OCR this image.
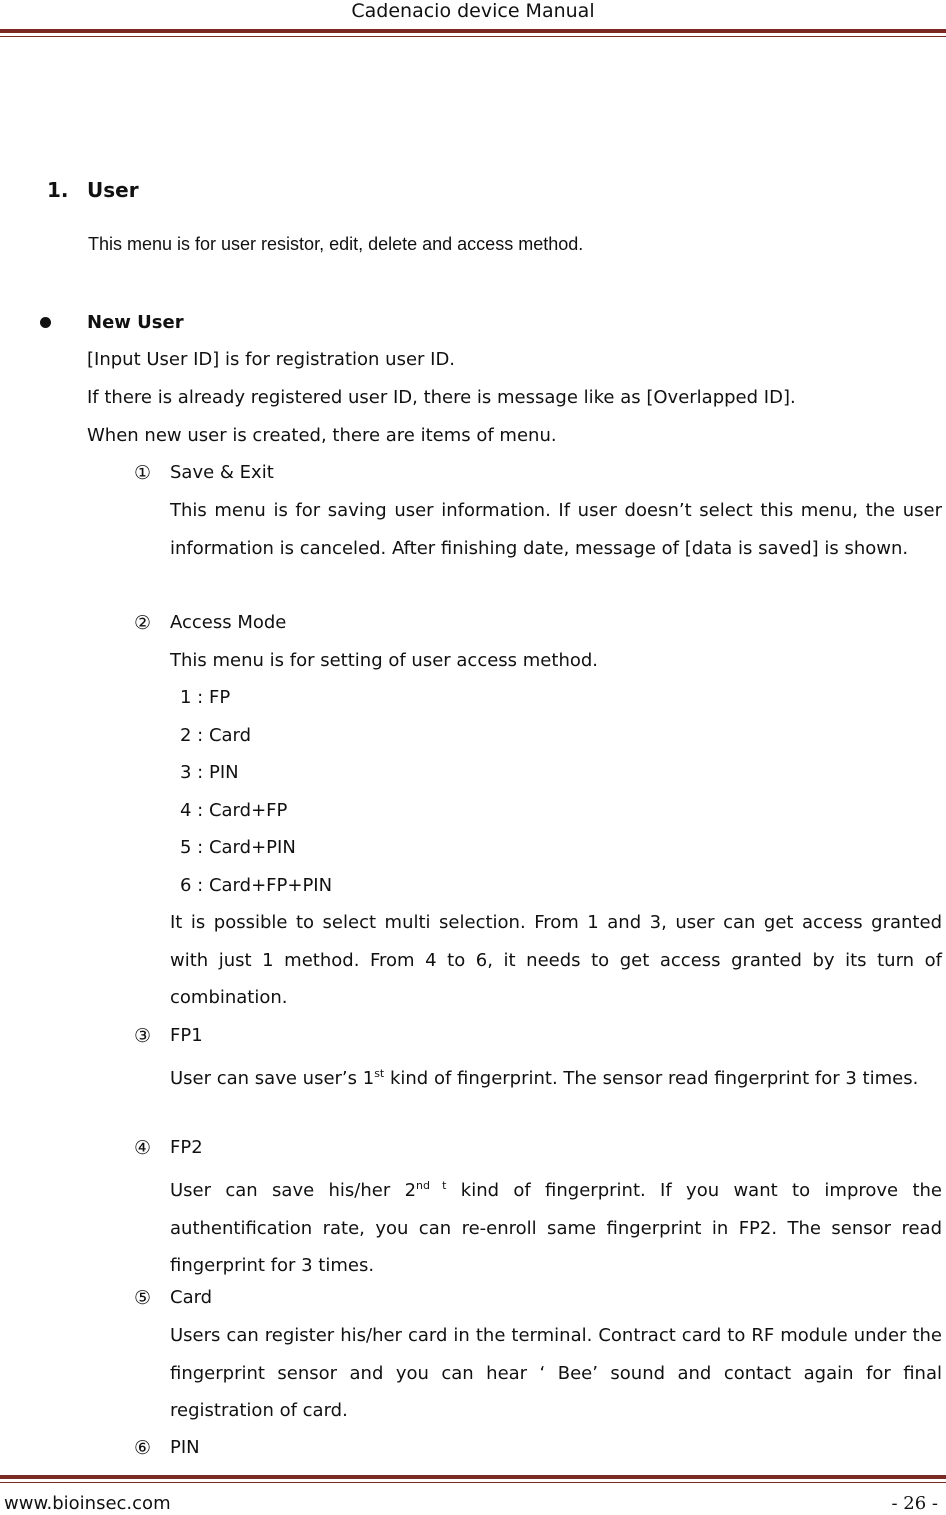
Cadenacio device Manual
1. User
This menu is for user resistor, edit, delete and access method.
New User
[Input User ID] is for registration user ID.
If there is already registered user ID, there is message like as [Overlapped ID].
When new user is created, there are items of menu.
① Save & Exit
This menu is for saving user information. If user doesn’t select this menu, the user information is canceled. After finishing date, message of [data is saved] is shown.
② Access Mode
This menu is for setting of user access method.
1 : FP
2 : Card
3 : PIN
4 : Card+FP
5 : Card+PIN
6 : Card+FP+PIN
It is possible to select multi selection. From 1 and 3, user can get access granted with just 1 method. From 4 to 6, it needs to get access granted by its turn of combination.
③ FP1
User can save user’s 1st kind of fingerprint. The sensor read fingerprint for 3 times.
④ FP2
User can save his/her $2^{nd t}$ kind of fingerprint. If you want to improve the authentification rate, you can re-enroll same fingerprint in FP2. The sensor read fingerprint for 3 times.
⑤ Card
Users can register his/her card in the terminal. Contract card to RF module under the fingerprint sensor and you can hear ‘ Bee’ sound and contact again for final registration of card.
⑥ PIN
www.bioinsec.com	- 26 -
